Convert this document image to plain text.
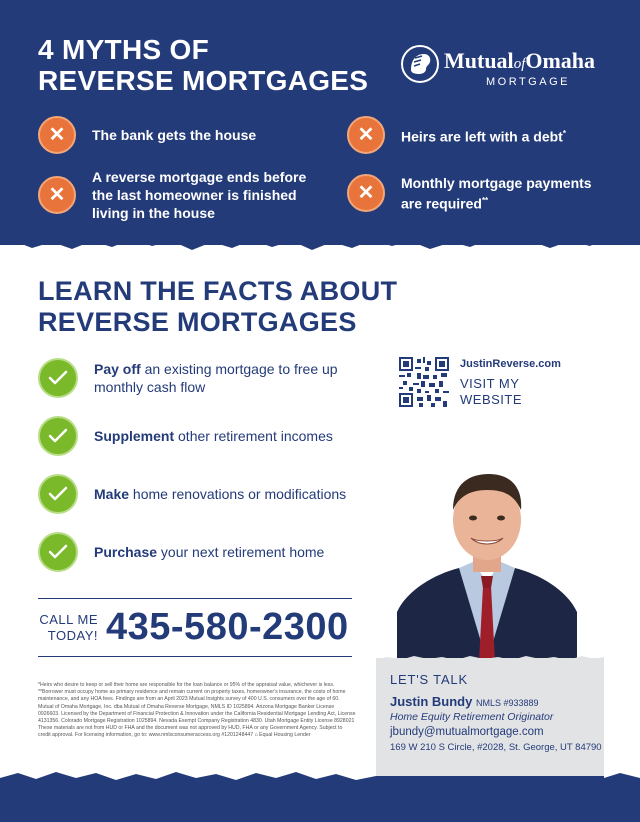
4 MYTHS OF
REVERSE MORTGAGES
MutualofOmaha
MORTGAGE
✕ The bank gets the house	✕ Heirs are left with a debt*
✕
A reverse mortgage ends before
the last homeowner is finished
living in the house
✕ Monthly mortgage payments
are required**
LEARN THE FACTS ABOUT
REVERSE MORTGAGES
Pay off an existing mortgage to free up
monthly cash flow
Supplement other retirement incomes
Make home renovations or modifications
Purchase your next retirement home
JustinReverse.com
VISIT MY
WEBSITE
CALL ME
TODAY! 435-580-2300
*Heirs who desire to keep or sell their home are responsible for the loan balance or 95% of the appraisal value, whichever is less. **Borrower must occupy home as primary residence and remain current on property taxes, homeowner's insurance, the costs of home maintenance, and any HOA fees. Findings are from an April 2023 Mutual Insights survey of 400 U.S. consumers over the age of 60. Mutual of Omaha Mortgage, Inc. dba Mutual of Omaha Reverse Mortgage, NMLS ID 1025894. Arizona Mortgage Banker License 0926603. Licensed by the Department of Financial Protection & Innovation under the California Residential Mortgage Lending Act, License 4131356. Colorado Mortgage Registration 1025894. Nevada Exempt Company Registration 4830. Utah Mortgage Entity License 8928021 These materials are not from HUD or FHA and the document was not approved by HUD, FHA or any Government Agency. Subject to credit approval. For licensing information, go to: www.nmlsconsumeraccess.org #1201248447 ⌂ Equal Housing Lender
LET'S TALK
Justin Bundy NMLS #933889
Home Equity Retirement Originator
jbundy@mutualmortgage.com
169 W 210 S Circle, #2028, St. George, UT 84790
